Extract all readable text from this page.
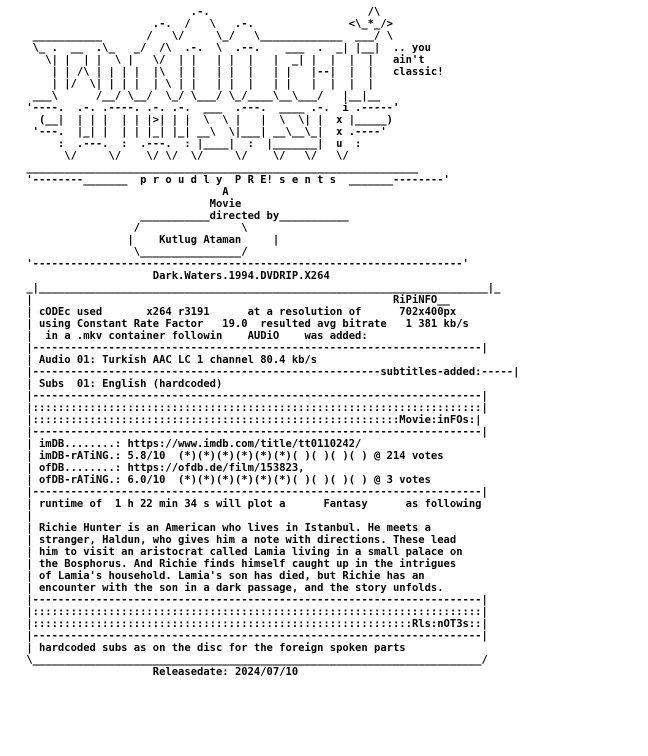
.-.                         /\
.-.  /   \   .-.               <\_*_/>
___________       /   \/     \_/   \_____________  ___/ \
\_ .  __  .\_   _/  /\  .-.  \  .--.    ___  .  _| |__|  .. you
\| |  | |  \ |   \/  | |   | |  |   |  _| |  |  |  |   ain't
| | /\ | | | |  |\  | |   | |  |   | |   |--|  |  |   classic!
| |/  \| | | |  | \ | |   | |  |   | |   |  |  |  |
___\      /__/ \__/  \_/ \___/ \_/____\__\___/   |__|__
'----.  .-. .----. .-. .-.  ___  .---.  ____ .-.  i .-----'
(__|  | | |  | | |>| | |  \  \ |   |  \  \| |  x |_____)
'---.  |_| |  | | |_| |_| __\  \|___| __\__\_|  x .----'
:  .---.  :  .---.  : |____|  :  |_______|  u  :
\/     \/    \/ \/  \/     \/    \/   \/   \/
______________________________________________________________
'--------_______  p r o u d l y  P R E! s e n t s  _______--------'
A
Movie
___________directed by___________
/                \
|    Kutlug Ataman     |
\________________/
'--------------------------------------------------------------------'
Dark.Waters.1994.DVDRIP.X264
_|_______________________________________________________________________|_
|                                                         RiPiNFO__
| cODEc used       x264 r3191      at a resolution of      702x400px
| using Constant Rate Factor   19.0  resulted avg bitrate   1 381 kb/s
|  in a .mkv container followin    AUDiO    was added:
|-----------------------------------------------------------------------|
| Audio 01: Turkish AAC LC 1 channel 80.4 kb/s
|-------------------------------------------------------subtitles-added:-----|
| Subs  01: English (hardcoded)
|-----------------------------------------------------------------------|
|:::::::::::::::::::::::::::::::::::::::::::::::::::::::::::::::::::::::|
|::::::::::::::::::::::::::::::::::::::::::::::::::::::::::Movie:inFOs:|
|-----------------------------------------------------------------------|
| imDB........: https://www.imdb.com/title/tt0110242/
| imDB-rATiNG.: 5.8/10  (*)(*)(*)(*)(*)(*)( )( )( )( ) @ 214 votes
| ofDB........: https://ofdb.de/film/153823,
| ofDB-rATiNG.: 6.0/10  (*)(*)(*)(*)(*)(*)( )( )( )( ) @ 3 votes
|-----------------------------------------------------------------------|
| runtime of  1 h 22 min 34 s will plot a      Fantasy      as following
|
| Richie Hunter is an American who lives in Istanbul. He meets a
| stranger, Haldun, who gives him a note with directions. These lead
| him to visit an aristocrat called Lamia living in a small palace on
| the Bosphorus. And Richie finds himself caught up in the intrigues
| of Lamia's household. Lamia's son has died, but Richie has an
| encounter with the son in a dark passage, and the story unfolds.
|-----------------------------------------------------------------------|
|:::::::::::::::::::::::::::::::::::::::::::::::::::::::::::::::::::::::|
|::::::::::::::::::::::::::::::::::::::::::::::::::::::::::::Rls:nOT3s::|
|-----------------------------------------------------------------------|
| hardcoded subs as on the disc for the foreign spoken parts
\_______________________________________________________________________/
Releasedate: 2024/07/10
